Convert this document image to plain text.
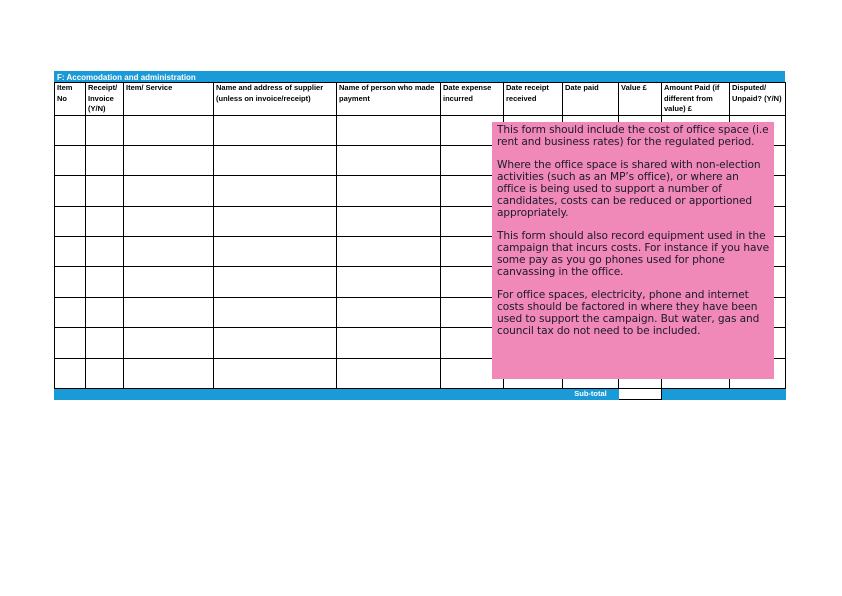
F: Accomodation and administration
Item No	Receipt/ Invoice (Y/N)	Item/ Service	Name and address of supplier (unless on invoice/receipt)	Name of person who made payment	Date expense incurred	Date receipt received	Date paid	Value £	Amount Paid (if different from value) £	Disputed/ Unpaid? (Y/N)

							Sub-total			

This form should include the cost of office space (i.e rent and business rates) for the regulated period.

Where the office space is shared with non-election activities (such as an MP’s office), or where an office is being used to support a number of candidates, costs can be reduced or apportioned appropriately.

This form should also record equipment used in the campaign that incurs costs. For instance if you have some pay as you go phones used for phone canvassing in the office.

For office spaces, electricity, phone and internet costs should be factored in where they have been used to support the campaign. But water, gas and council tax do not need to be included.
